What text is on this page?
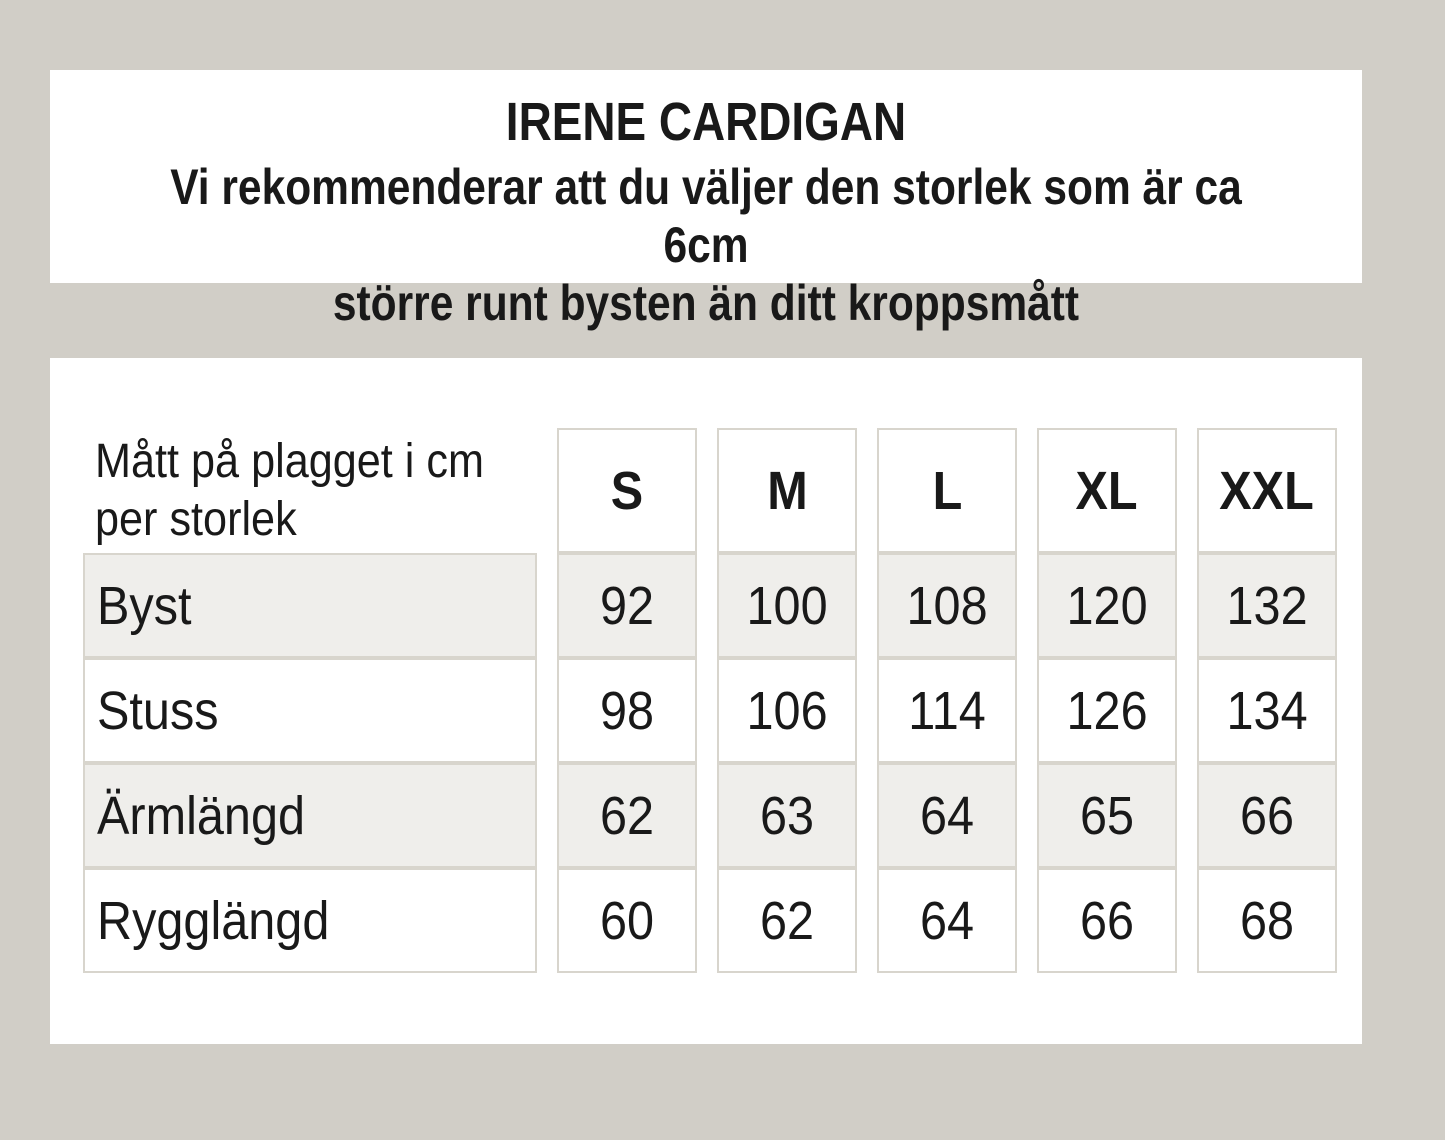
IRENE CARDIGAN
Vi rekommenderar att du väljer den storlek som är ca 6cm
större runt bysten än ditt kroppsmått
Mått på plagget i cm per storlek	S M L XL XXL
Byst	92 100 108 120 132
Stuss	98 106 114 126 134
Ärmlängd	62 63 64 65 66
Rygglängd	60 62 64 66 68
